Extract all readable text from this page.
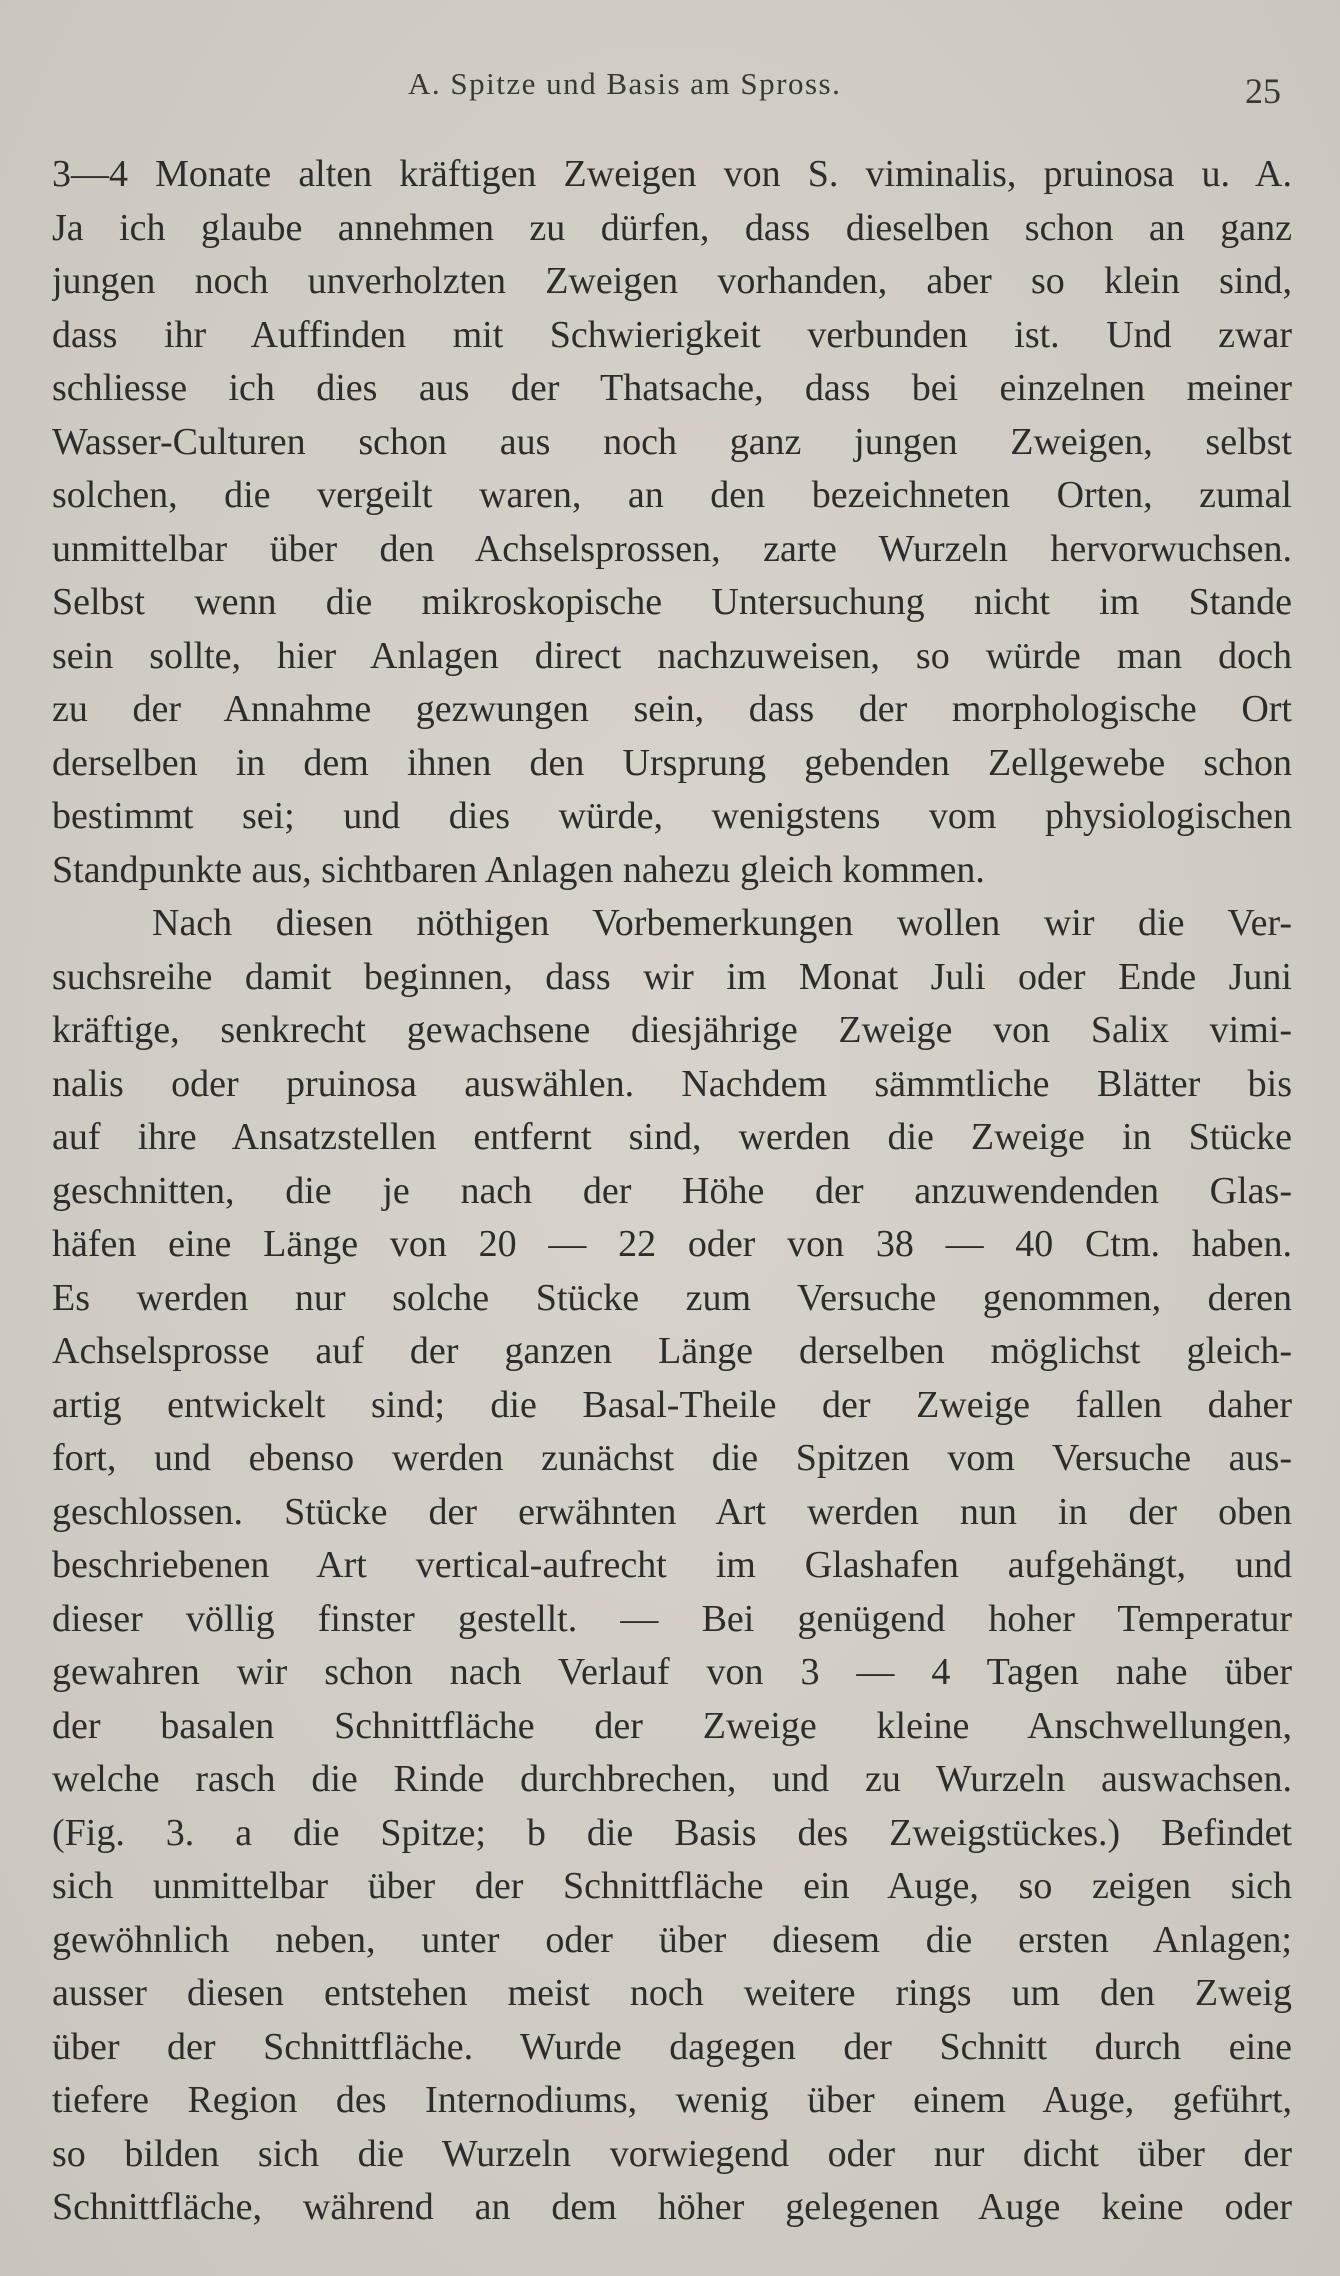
A. Spitze und Basis am Spross.	25
3—4 Monate alten kräftigen Zweigen von S. viminalis, pruinosa u. A.
Ja ich glaube annehmen zu dürfen, dass dieselben schon an ganz
jungen noch unverholzten Zweigen vorhanden, aber so klein sind,
dass ihr Auffinden mit Schwierigkeit verbunden ist. Und zwar
schliesse ich dies aus der Thatsache, dass bei einzelnen meiner
Wasser-Culturen schon aus noch ganz jungen Zweigen, selbst
solchen, die vergeilt waren, an den bezeichneten Orten, zumal
unmittelbar über den Achselsprossen, zarte Wurzeln hervorwuchsen.
Selbst wenn die mikroskopische Untersuchung nicht im Stande
sein sollte, hier Anlagen direct nachzuweisen, so würde man doch
zu der Annahme gezwungen sein, dass der morphologische Ort
derselben in dem ihnen den Ursprung gebenden Zellgewebe schon
bestimmt sei; und dies würde, wenigstens vom physiologischen
Standpunkte aus, sichtbaren Anlagen nahezu gleich kommen.
Nach diesen nöthigen Vorbemerkungen wollen wir die Ver-
suchsreihe damit beginnen, dass wir im Monat Juli oder Ende Juni
kräftige, senkrecht gewachsene diesjährige Zweige von Salix vimi-
nalis oder pruinosa auswählen. Nachdem sämmtliche Blätter bis
auf ihre Ansatzstellen entfernt sind, werden die Zweige in Stücke
geschnitten, die je nach der Höhe der anzuwendenden Glas-
häfen eine Länge von 20 — 22 oder von 38 — 40 Ctm. haben.
Es werden nur solche Stücke zum Versuche genommen, deren
Achselsprosse auf der ganzen Länge derselben möglichst gleich-
artig entwickelt sind; die Basal-Theile der Zweige fallen daher
fort, und ebenso werden zunächst die Spitzen vom Versuche aus-
geschlossen. Stücke der erwähnten Art werden nun in der oben
beschriebenen Art vertical-aufrecht im Glashafen aufgehängt, und
dieser völlig finster gestellt. — Bei genügend hoher Temperatur
gewahren wir schon nach Verlauf von 3 — 4 Tagen nahe über
der basalen Schnittfläche der Zweige kleine Anschwellungen,
welche rasch die Rinde durchbrechen, und zu Wurzeln auswachsen.
(Fig. 3. a die Spitze; b die Basis des Zweigstückes.) Befindet
sich unmittelbar über der Schnittfläche ein Auge, so zeigen sich
gewöhnlich neben, unter oder über diesem die ersten Anlagen;
ausser diesen entstehen meist noch weitere rings um den Zweig
über der Schnittfläche. Wurde dagegen der Schnitt durch eine
tiefere Region des Internodiums, wenig über einem Auge, geführt,
so bilden sich die Wurzeln vorwiegend oder nur dicht über der
Schnittfläche, während an dem höher gelegenen Auge keine oder
